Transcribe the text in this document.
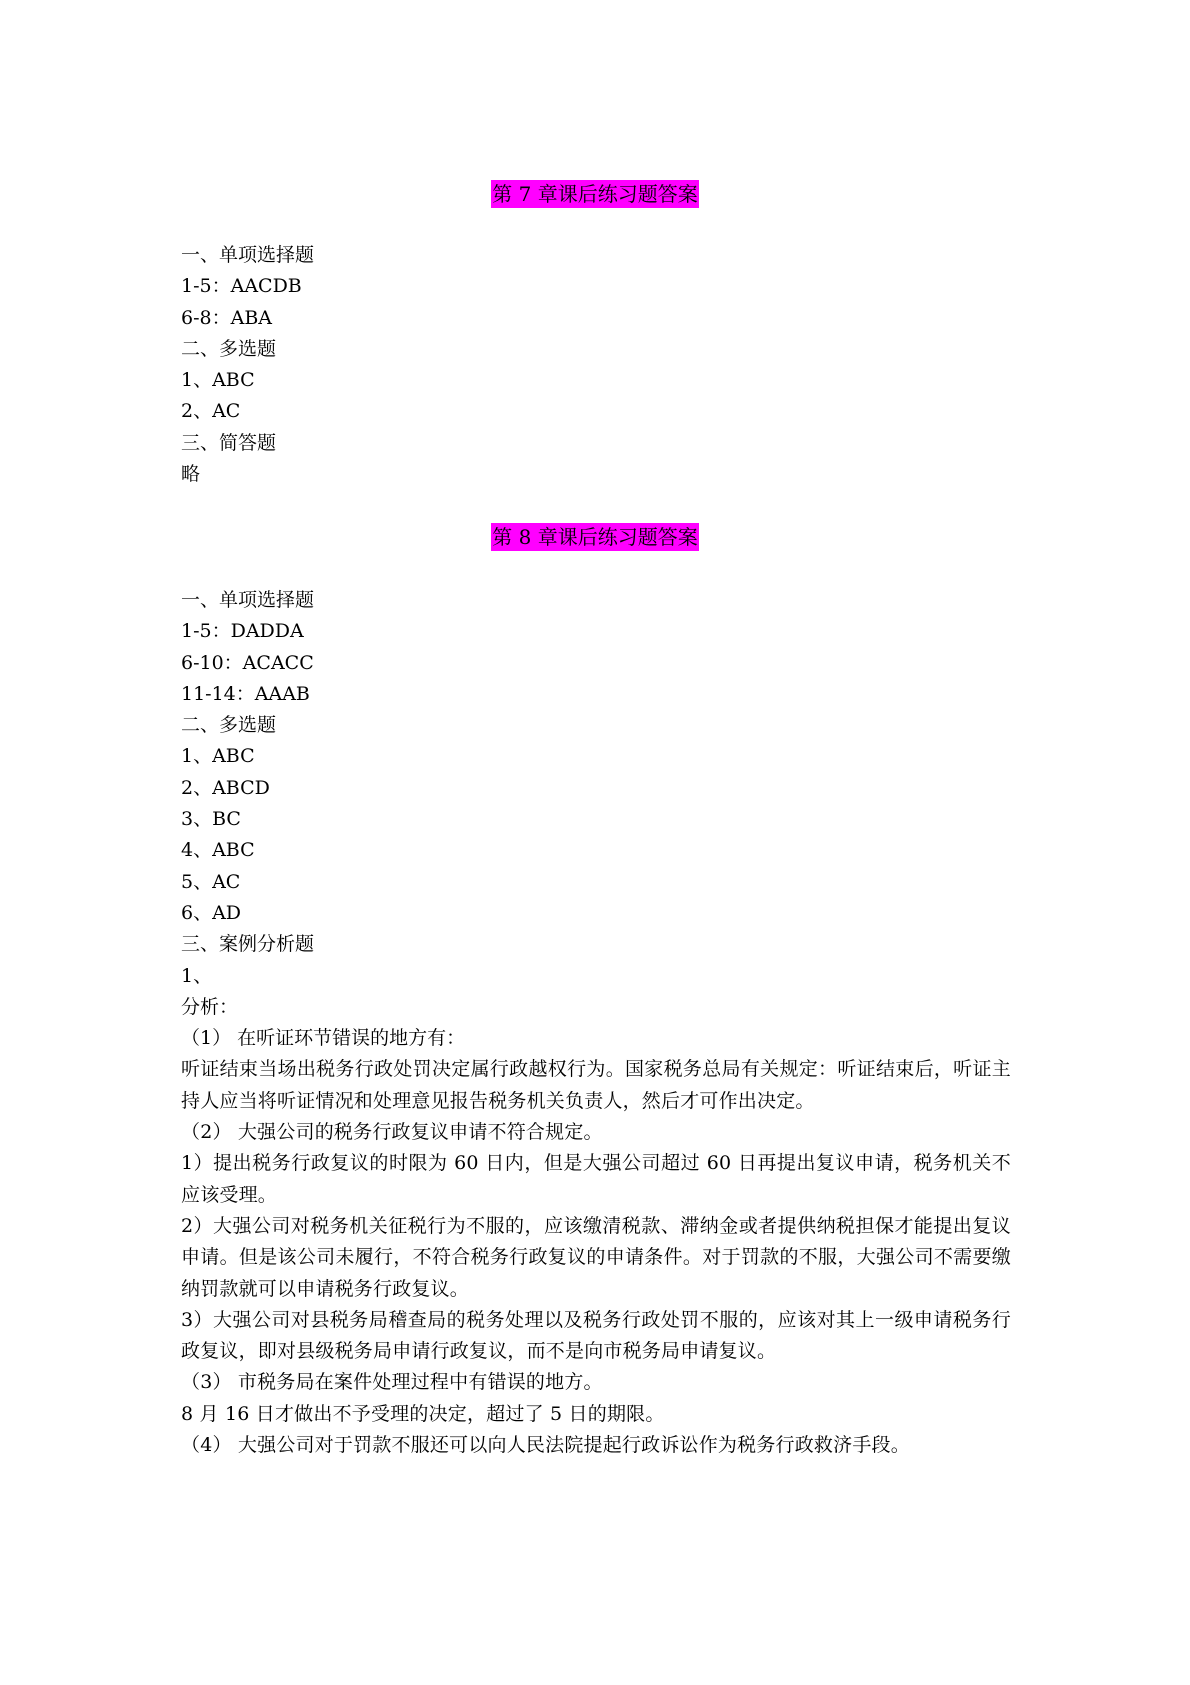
第 7 章课后练习题答案
一、单项选择题
1-5：AACDB
6-8：ABA
二、多选题
1、ABC
2、AC
三、简答题
略
第 8 章课后练习题答案
一、单项选择题
1-5：DADDA
6-10：ACACC
11-14：AAAB
二、多选题
1、ABC
2、ABCD
3、BC
4、ABC
5、AC
6、AD
三、案例分析题
1、
分析：
（1） 在听证环节错误的地方有：
听证结束当场出税务行政处罚决定属行政越权行为。国家税务总局有关规定：听证结束后，听证主持人应当将听证情况和处理意见报告税务机关负责人，然后才可作出决定。
（2） 大强公司的税务行政复议申请不符合规定。
1）提出税务行政复议的时限为 60 日内，但是大强公司超过 60 日再提出复议申请，税务机关不应该受理。
2）大强公司对税务机关征税行为不服的，应该缴清税款、滞纳金或者提供纳税担保才能提出复议申请。但是该公司未履行，不符合税务行政复议的申请条件。对于罚款的不服，大强公司不需要缴纳罚款就可以申请税务行政复议。
3）大强公司对县税务局稽查局的税务处理以及税务行政处罚不服的，应该对其上一级申请税务行政复议，即对县级税务局申请行政复议，而不是向市税务局申请复议。
（3） 市税务局在案件处理过程中有错误的地方。
8 月 16 日才做出不予受理的决定，超过了 5 日的期限。
（4） 大强公司对于罚款不服还可以向人民法院提起行政诉讼作为税务行政救济手段。
